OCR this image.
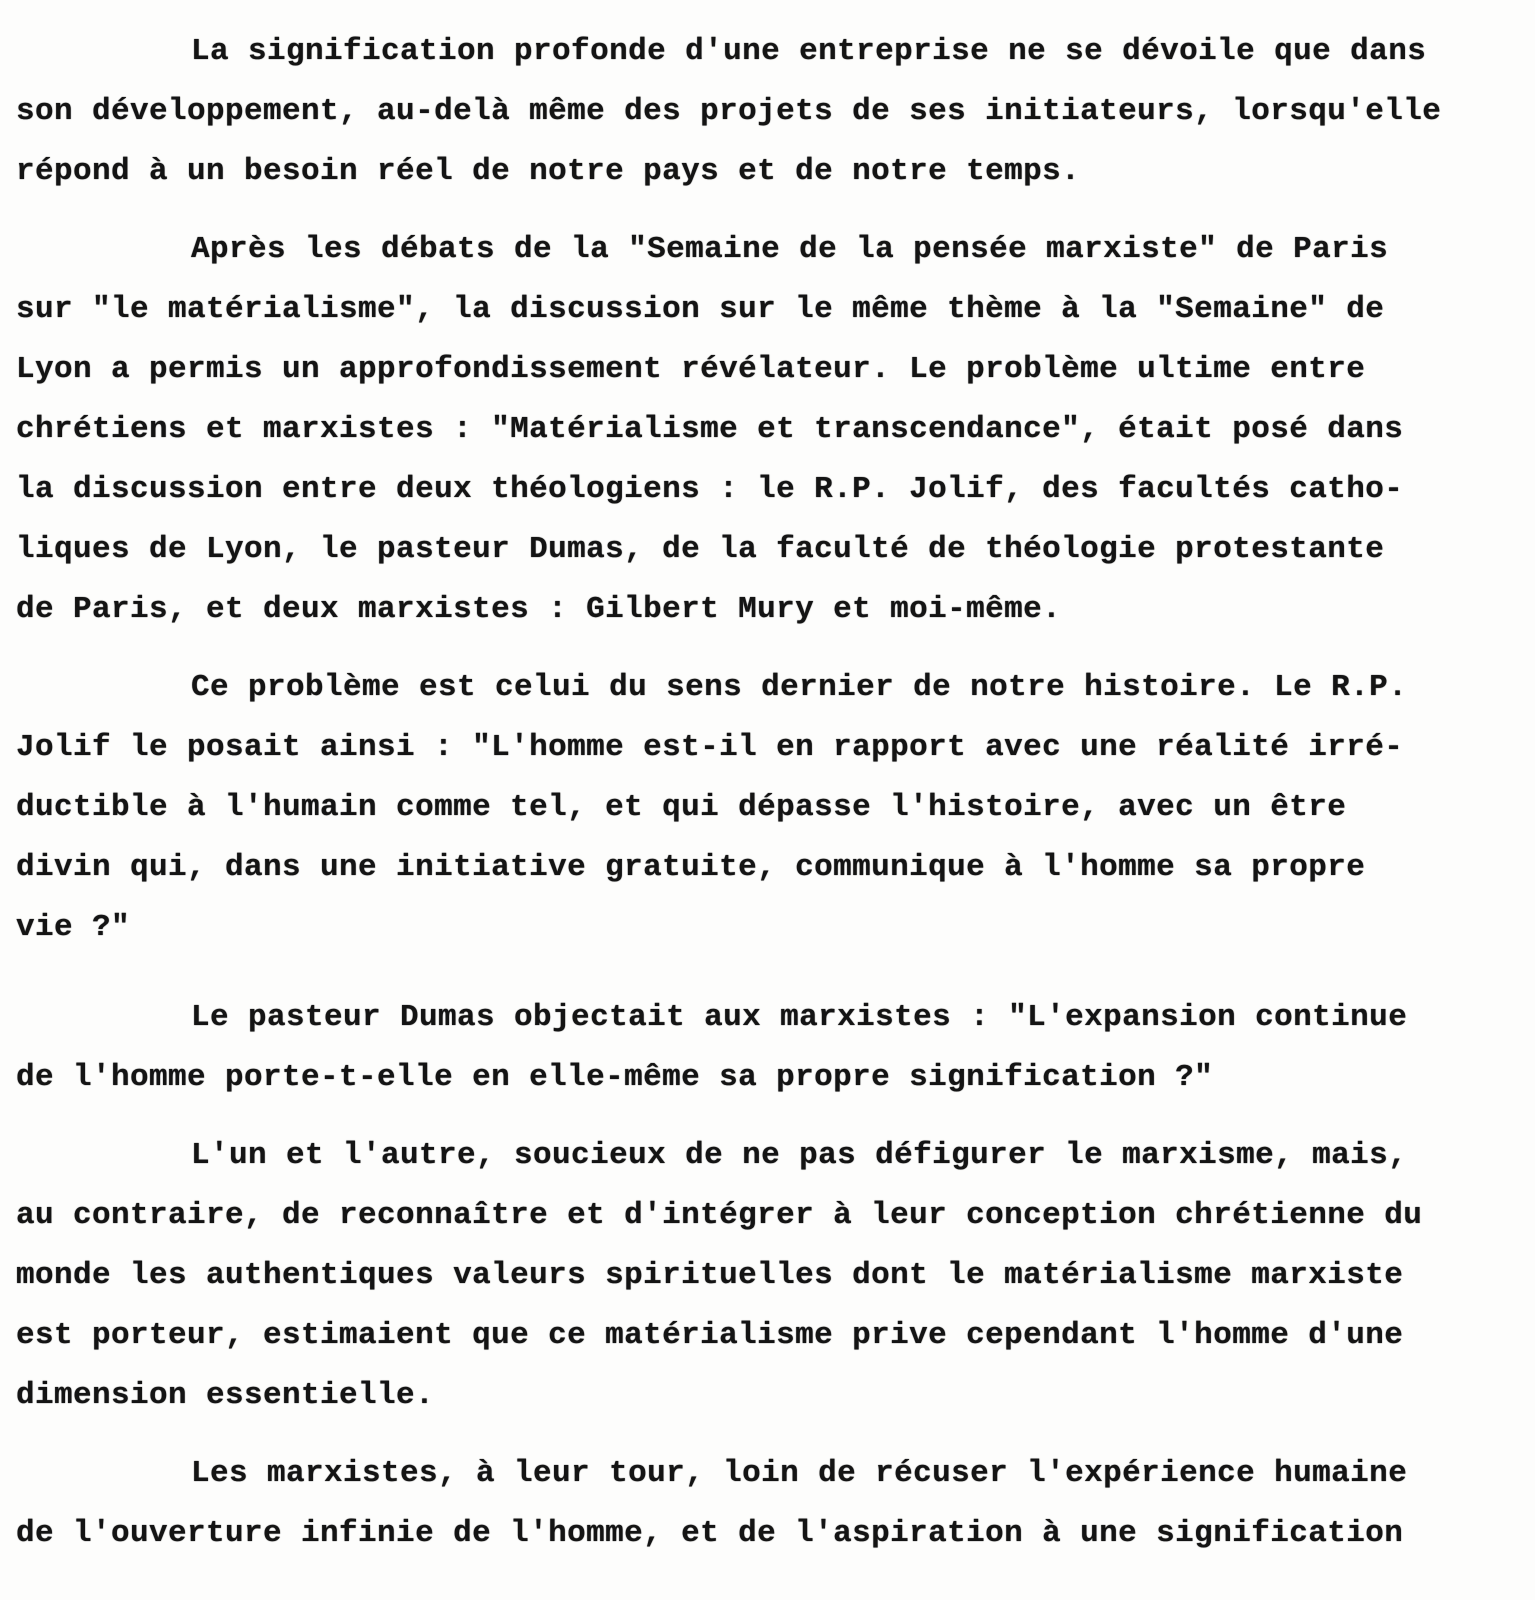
La signification profonde d'une entreprise ne se dévoile que dans
son développement, au-delà même des projets de ses initiateurs, lorsqu'elle
répond à un besoin réel de notre pays et de notre temps.
Après les débats de la "Semaine de la pensée marxiste" de Paris
sur "le matérialisme", la discussion sur le même thème à la "Semaine" de
Lyon a permis un approfondissement révélateur. Le problème ultime entre
chrétiens et marxistes : "Matérialisme et transcendance", était posé dans
la discussion entre deux théologiens : le R.P. Jolif, des facultés catho-
liques de Lyon, le pasteur Dumas, de la faculté de théologie protestante
de Paris, et deux marxistes : Gilbert Mury et moi-même.
Ce problème est celui du sens dernier de notre histoire. Le R.P.
Jolif le posait ainsi : "L'homme est-il en rapport avec une réalité irré-
ductible à l'humain comme tel, et qui dépasse l'histoire, avec un être
divin qui, dans une initiative gratuite, communique à l'homme sa propre
vie ?"
Le pasteur Dumas objectait aux marxistes : "L'expansion continue
de l'homme porte-t-elle en elle-même sa propre signification ?"
L'un et l'autre, soucieux de ne pas défigurer le marxisme, mais,
au contraire, de reconnaître et d'intégrer à leur conception chrétienne du
monde les authentiques valeurs spirituelles dont le matérialisme marxiste
est porteur, estimaient que ce matérialisme prive cependant l'homme d'une
dimension essentielle.
Les marxistes, à leur tour, loin de récuser l'expérience humaine
de l'ouverture infinie de l'homme, et de l'aspiration à une signification
